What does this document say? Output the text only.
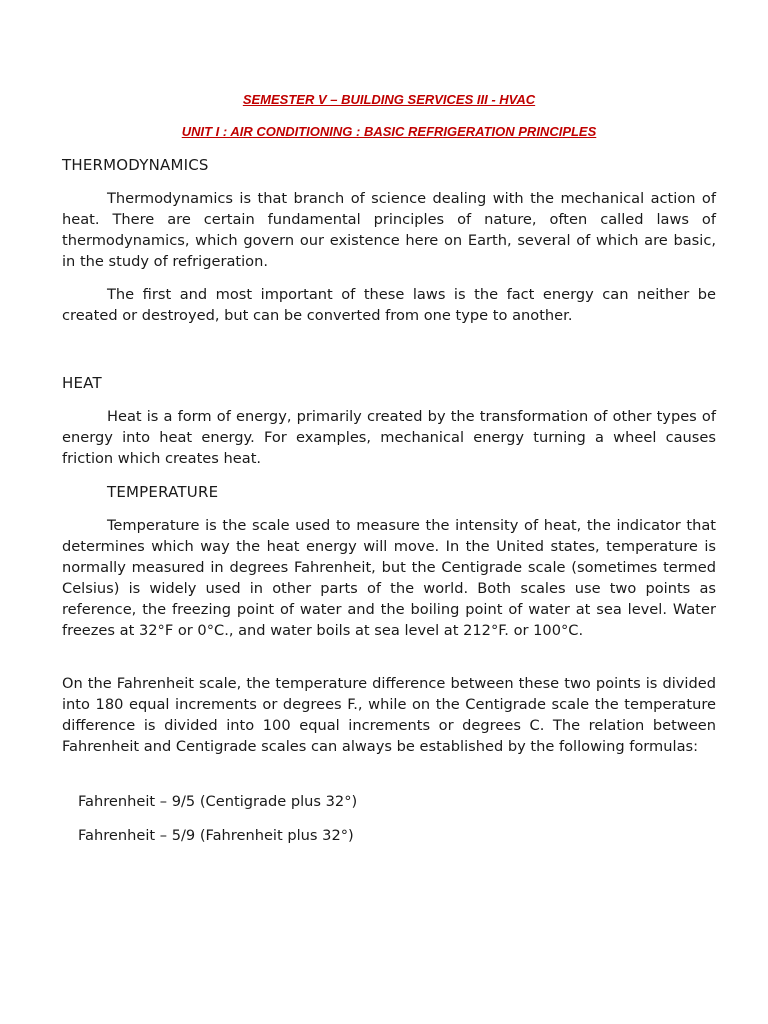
SEMESTER V – BUILDING SERVICES III - HVAC

UNIT I : AIR CONDITIONING : BASIC REFRIGERATION PRINCIPLES

THERMODYNAMICS

Thermodynamics is that branch of science dealing with the mechanical action of heat. There are certain fundamental principles of nature, often called laws of thermodynamics, which govern our existence here on Earth, several of which are basic, in the study of refrigeration.

The first and most important of these laws is the fact energy can neither be created or destroyed, but can be converted from one type to another.

HEAT

Heat is a form of energy, primarily created by the transformation of other types of energy into heat energy. For examples, mechanical energy turning a wheel causes friction which creates heat.

TEMPERATURE

Temperature is the scale used to measure the intensity of heat, the indicator that determines which way the heat energy will move. In the United states, temperature is normally measured in degrees Fahrenheit, but the Centigrade scale (sometimes termed Celsius) is widely used in other parts of the world. Both scales use two points as reference, the freezing point of water and the boiling point of water at sea level. Water freezes at 32°F or 0°C., and water boils at sea level at 212°F. or 100°C.

On the Fahrenheit scale, the temperature difference between these two points is divided into 180 equal increments or degrees F., while on the Centigrade scale the temperature difference is divided into 100 equal increments or degrees C. The relation between Fahrenheit and Centigrade scales can always be established by the following formulas:

Fahrenheit – 9/5 (Centigrade plus 32°)

Fahrenheit – 5/9 (Fahrenheit plus 32°)
